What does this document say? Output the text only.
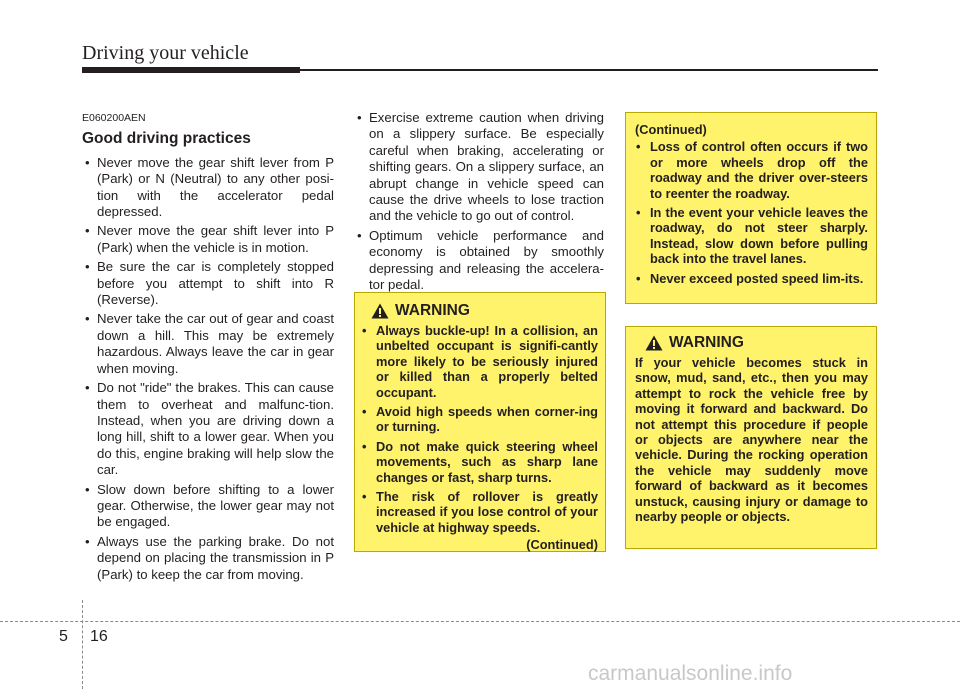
Driving your vehicle
E060200AEN
Good driving practices
• Never move the gear shift lever from P (Park) or N (Neutral) to any other posi-tion with the accelerator pedal depressed.
• Never move the gear shift lever into P (Park) when the vehicle is in motion.
• Be sure the car is completely stopped before you attempt to shift into R (Reverse).
• Never take the car out of gear and coast down a hill. This may be extremely hazardous. Always leave the car in gear when moving.
• Do not "ride" the brakes. This can cause them to overheat and malfunc-tion. Instead, when you are driving down a long hill, shift to a lower gear. When you do this, engine braking will help slow the car.
• Slow down before shifting to a lower gear. Otherwise, the lower gear may not be engaged.
• Always use the parking brake. Do not depend on placing the transmission in P (Park) to keep the car from moving.
• Exercise extreme caution when driving on a slippery surface. Be especially careful when braking, accelerating or shifting gears. On a slippery surface, an abrupt change in vehicle speed can cause the drive wheels to lose traction and the vehicle to go out of control.
• Optimum vehicle performance and economy is obtained by smoothly depressing and releasing the accelera-tor pedal.
WARNING
• Always buckle-up! In a collision, an unbelted occupant is signifi-cantly more likely to be seriously injured or killed than a properly belted occupant.
• Avoid high speeds when corner-ing or turning.
• Do not make quick steering wheel movements, such as sharp lane changes or fast, sharp turns.
• The risk of rollover is greatly increased if you lose control of your vehicle at highway speeds.
(Continued)
(Continued)
• Loss of control often occurs if two or more wheels drop off the roadway and the driver over-steers to reenter the roadway.
• In the event your vehicle leaves the roadway, do not steer sharply. Instead, slow down before pulling back into the travel lanes.
• Never exceed posted speed lim-its.
WARNING

If your vehicle becomes stuck in snow, mud, sand, etc., then you may attempt to rock the vehicle free by moving it forward and backward. Do not attempt this procedure if people or objects are anywhere near the vehicle. During the rocking operation the vehicle may suddenly move forward of backward as it becomes unstuck, causing injury or damage to nearby people or objects.

5 16
carmanualsonline.info
